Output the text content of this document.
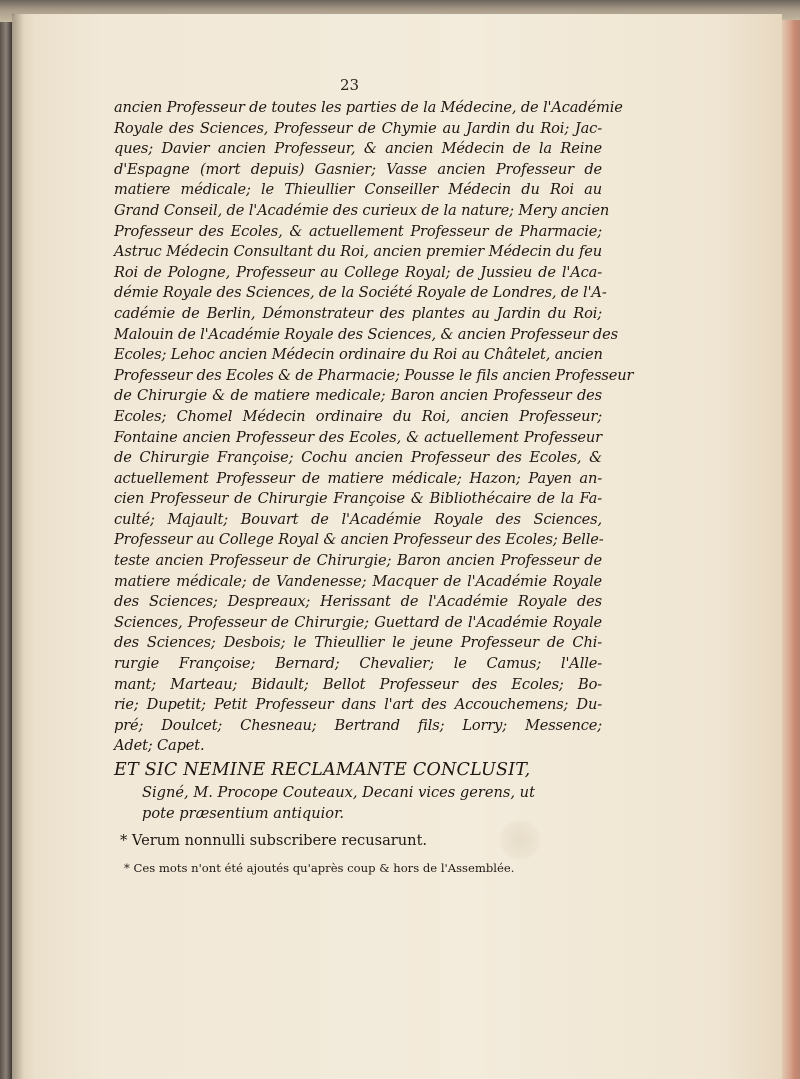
23
ancien Professeur de toutes les parties de la Médecine, de l'Académie
Royale des Sciences, Professeur de Chymie au Jardin du Roi; Jac-
ques; Davier ancien Professeur, & ancien Médecin de la Reine
d'Espagne (mort depuis) Gasnier; Vasse ancien Professeur de
matiere médicale; le Thieullier Conseiller Médecin du Roi au
Grand Conseil, de l'Académie des curieux de la nature; Mery ancien
Professeur des Ecoles, & actuellement Professeur de Pharmacie;
Astruc Médecin Consultant du Roi, ancien premier Médecin du feu
Roi de Pologne, Professeur au College Royal; de Jussieu de l'Aca-
démie Royale des Sciences, de la Société Royale de Londres, de l'A-
cadémie de Berlin, Démonstrateur des plantes au Jardin du Roi;
Malouin de l'Académie Royale des Sciences, & ancien Professeur des
Ecoles; Lehoc ancien Médecin ordinaire du Roi au Châtelet, ancien
Professeur des Ecoles & de Pharmacie; Pousse le fils ancien Professeur
de Chirurgie & de matiere medicale; Baron ancien Professeur des
Ecoles; Chomel Médecin ordinaire du Roi, ancien Professeur;
Fontaine ancien Professeur des Ecoles, & actuellement Professeur
de Chirurgie Françoise; Cochu ancien Professeur des Ecoles, &
actuellement Professeur de matiere médicale; Hazon; Payen an-
cien Professeur de Chirurgie Françoise & Bibliothécaire de la Fa-
culté; Majault; Bouvart de l'Académie Royale des Sciences,
Professeur au College Royal & ancien Professeur des Ecoles; Belle-
teste ancien Professeur de Chirurgie; Baron ancien Professeur de
matiere médicale; de Vandenesse; Macquer de l'Académie Royale
des Sciences; Despreaux; Herissant de l'Académie Royale des
Sciences, Professeur de Chirurgie; Guettard de l'Académie Royale
des Sciences; Desbois; le Thieullier le jeune Professeur de Chi-
rurgie Françoise; Bernard; Chevalier; le Camus; l'Alle-
mant; Marteau; Bidault; Bellot Professeur des Ecoles; Bo-
rie; Dupetit; Petit Professeur dans l'art des Accouchemens; Du-
pré; Doulcet; Chesneau; Bertrand fils; Lorry; Messence;
Adet; Capet.
ET SIC NEMINE RECLAMANTE CONCLUSIT,
Signé, M. Procope Couteaux, Decani vices gerens, ut
pote præsentium antiquior.
* Verum nonnulli subscribere recusarunt.
* Ces mots n'ont été ajoutés qu'après coup & hors de l'Assemblée.
